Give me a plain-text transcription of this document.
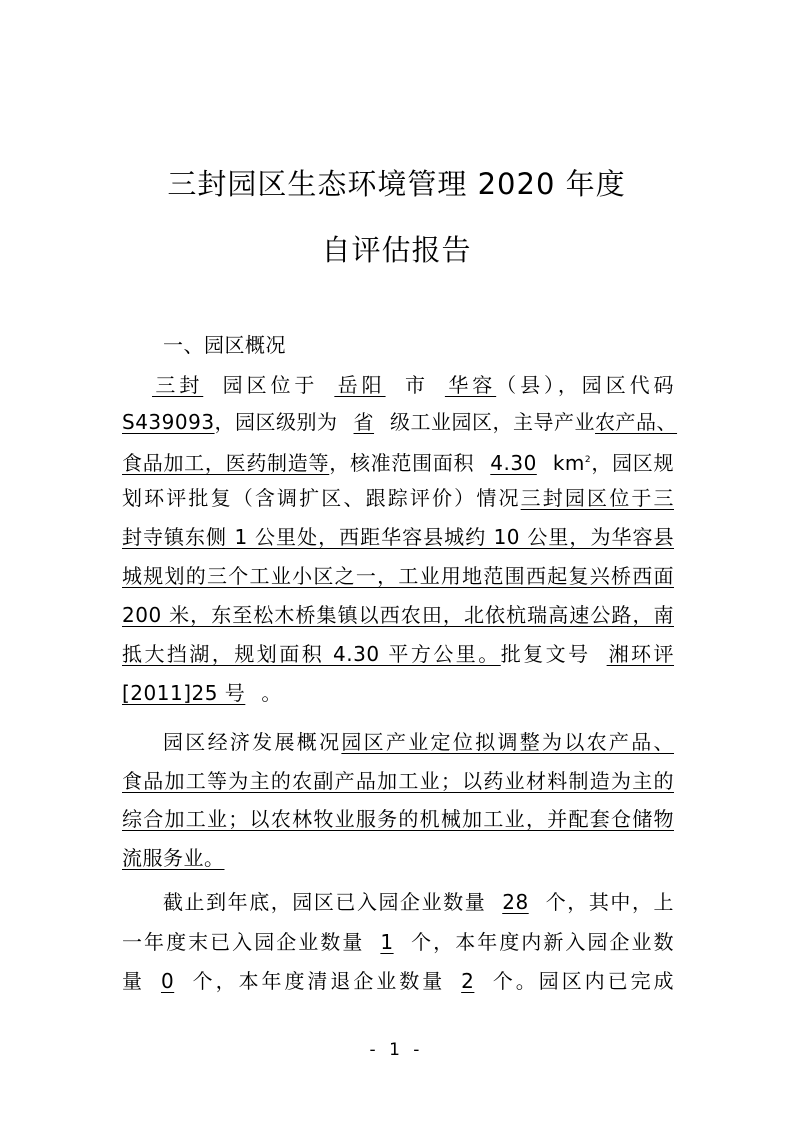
三封园区生态环境管理 2020 年度
自评估报告
一、园区概况
三封 园区位于 岳阳 市 华容（县），园区代码
S439093，园区级别为 省 级工业园区，主导产业农产品、
食品加工，医药制造等，核准范围面积 4.30 $km^2$，园区规
划环评批复（含调扩区、跟踪评价）情况三封园区位于三
封寺镇东侧 1 公里处，西距华容县城约 10 公里，为华容县
城规划的三个工业小区之一，工业用地范围西起复兴桥西面
200 米，东至松木桥集镇以西农田，北依杭瑞高速公路，南
抵大挡湖，规划面积 4.30 平方公里。批复文号 湘环评
[2011]25 号 。
园区经济发展概况园区产业定位拟调整为以农产品、
食品加工等为主的农副产品加工业；以药业材料制造为主的
综合加工业；以农林牧业服务的机械加工业，并配套仓储物
流服务业。
截止到年底，园区已入园企业数量 28 个，其中，上
一年度末已入园企业数量 1 个，本年度内新入园企业数
量 0 个，本年度清退企业数量 2 个。园区内已完成
- 1 -
